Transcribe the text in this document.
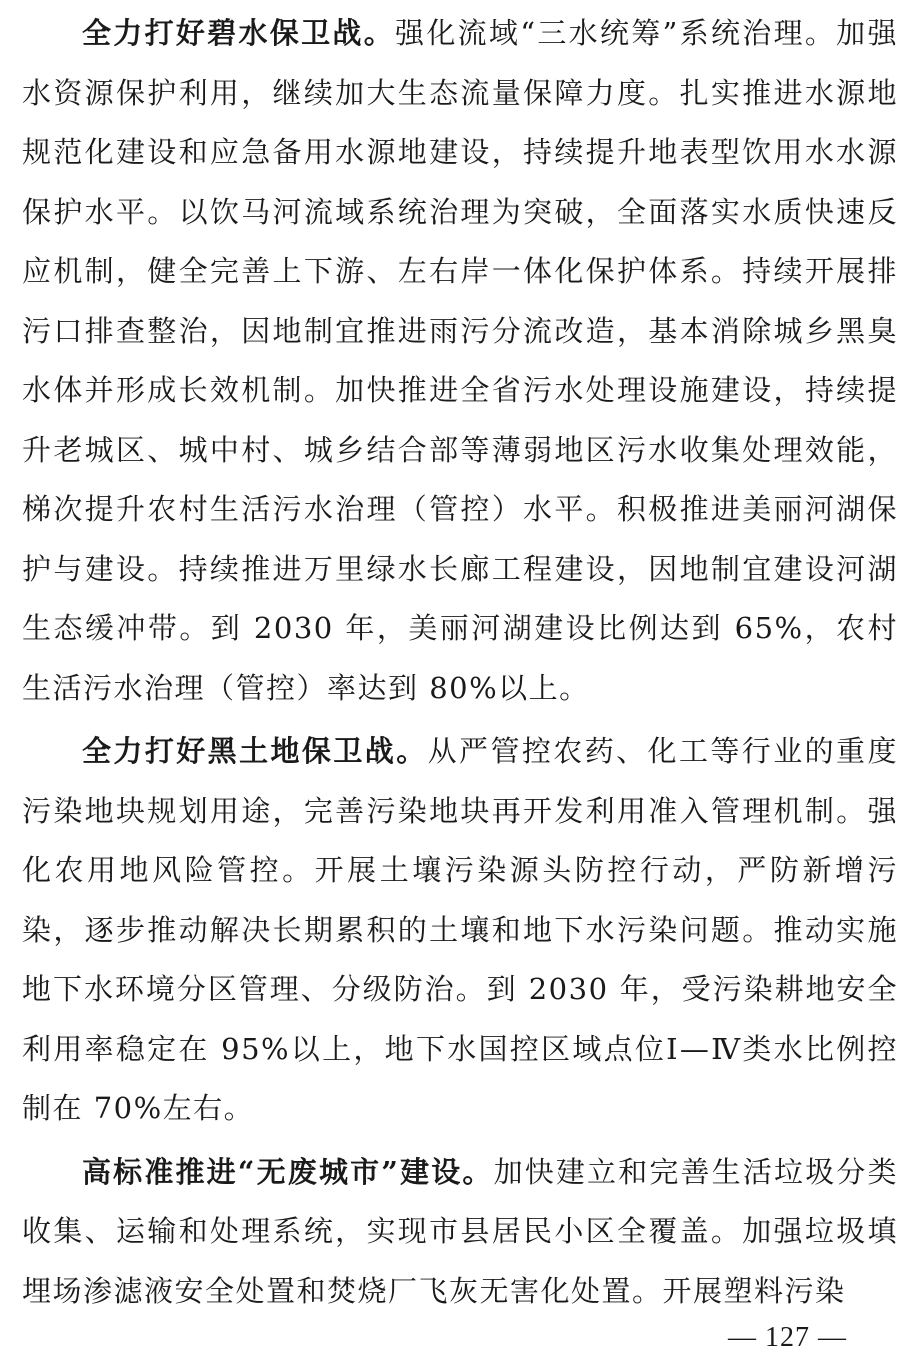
全力打好碧水保卫战。强化流域“三水统筹”系统治理。加强水资源保护利用，继续加大生态流量保障力度。扎实推进水源地规范化建设和应急备用水源地建设，持续提升地表型饮用水水源保护水平。以饮马河流域系统治理为突破，全面落实水质快速反应机制，健全完善上下游、左右岸一体化保护体系。持续开展排污口排查整治，因地制宜推进雨污分流改造，基本消除城乡黑臭水体并形成长效机制。加快推进全省污水处理设施建设，持续提升老城区、城中村、城乡结合部等薄弱地区污水收集处理效能，梯次提升农村生活污水治理（管控）水平。积极推进美丽河湖保护与建设。持续推进万里绿水长廊工程建设，因地制宜建设河湖生态缓冲带。到 2030 年，美丽河湖建设比例达到 65%，农村生活污水治理（管控）率达到 80%以上。

全力打好黑土地保卫战。从严管控农药、化工等行业的重度污染地块规划用途，完善污染地块再开发利用准入管理机制。强化农用地风险管控。开展土壤污染源头防控行动，严防新增污染，逐步推动解决长期累积的土壤和地下水污染问题。推动实施地下水环境分区管理、分级防治。到 2030 年，受污染耕地安全利用率稳定在 95%以上，地下水国控区域点位Ⅰ—Ⅳ类水比例控制在 70%左右。

高标准推进“无废城市”建设。加快建立和完善生活垃圾分类收集、运输和处理系统，实现市县居民小区全覆盖。加强垃圾填埋场渗滤液安全处置和焚烧厂飞灰无害化处置。开展塑料污染

— 127 —
